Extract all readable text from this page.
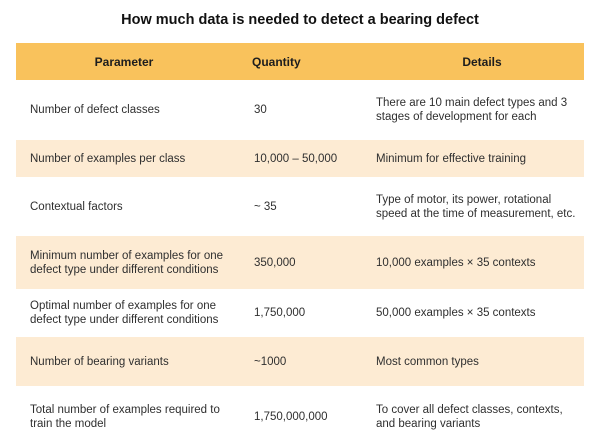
How much data is needed to detect a bearing defect
Parameter	Quantity	Details
Number of defect classes	30	There are 10 main defect types and 3 stages of development for each
Number of examples per class	10,000 – 50,000	Minimum for effective training
Contextual factors	~ 35	Type of motor, its power, rotational speed at the time of measurement, etc.
Minimum number of examples for one defect type under different conditions	350,000	10,000 examples × 35 contexts
Optimal number of examples for one defect type under different conditions	1,750,000	50,000 examples × 35 contexts
Number of bearing variants	~1000	Most common types
Total number of examples required to train the model	1,750,000,000	To cover all defect classes, contexts, and bearing variants
